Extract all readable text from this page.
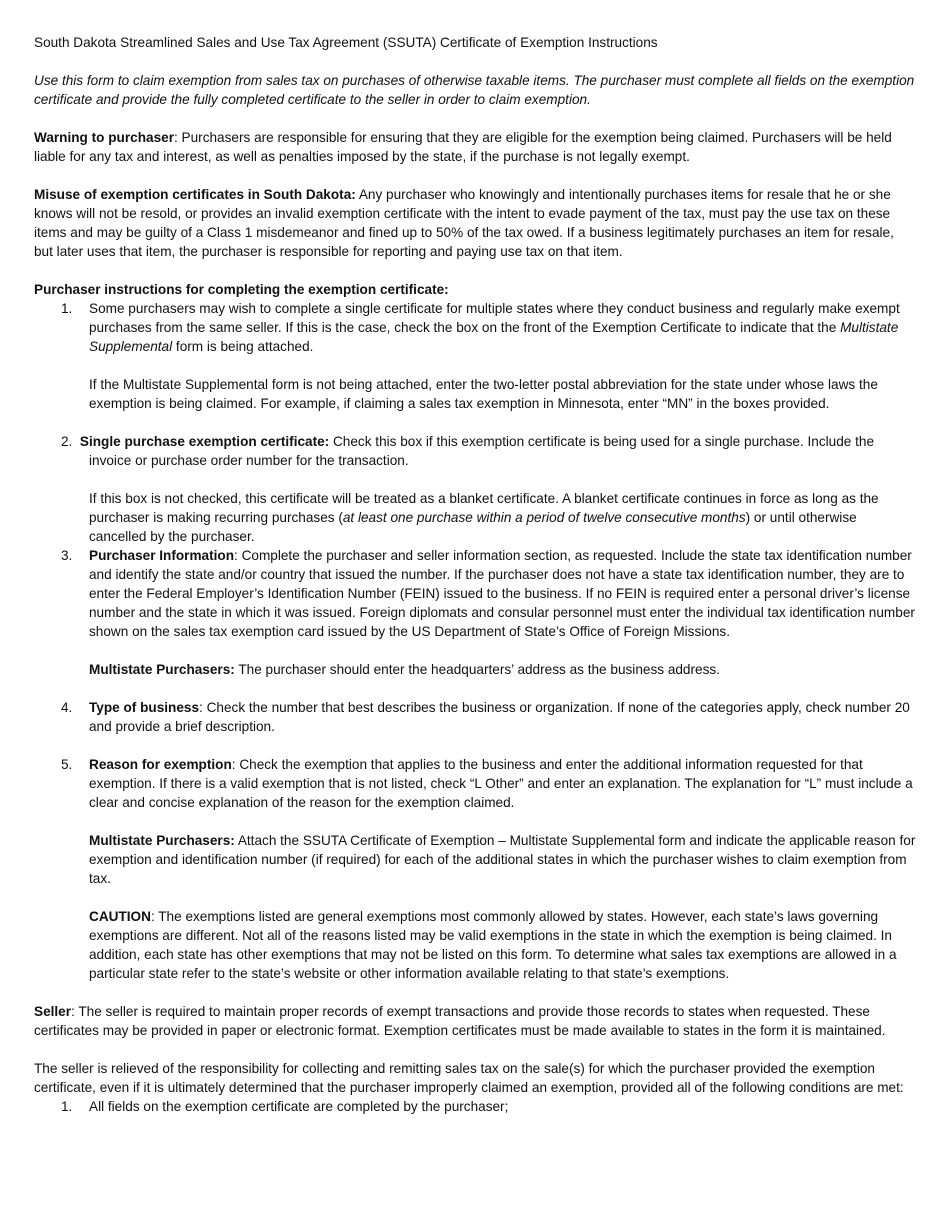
South Dakota Streamlined Sales and Use Tax Agreement (SSUTA) Certificate of Exemption Instructions

Use this form to claim exemption from sales tax on purchases of otherwise taxable items. The purchaser must complete all fields on the exemption certificate and provide the fully completed certificate to the seller in order to claim exemption.

Warning to purchaser: Purchasers are responsible for ensuring that they are eligible for the exemption being claimed. Purchasers will be held liable for any tax and interest, as well as penalties imposed by the state, if the purchase is not legally exempt.

Misuse of exemption certificates in South Dakota: Any purchaser who knowingly and intentionally purchases items for resale that he or she knows will not be resold, or provides an invalid exemption certificate with the intent to evade payment of the tax, must pay the use tax on these items and may be guilty of a Class 1 misdemeanor and fined up to 50% of the tax owed. If a business legitimately purchases an item for resale, but later uses that item, the purchaser is responsible for reporting and paying use tax on that item.

Purchaser instructions for completing the exemption certificate:

1. Some purchasers may wish to complete a single certificate for multiple states where they conduct business and regularly make exempt purchases from the same seller. If this is the case, check the box on the front of the Exemption Certificate to indicate that the Multistate Supplemental form is being attached.

If the Multistate Supplemental form is not being attached, enter the two-letter postal abbreviation for the state under whose laws the exemption is being claimed. For example, if claiming a sales tax exemption in Minnesota, enter “MN” in the boxes provided.

2. Single purchase exemption certificate: Check this box if this exemption certificate is being used for a single purchase. Include the

invoice or purchase order number for the transaction.

If this box is not checked, this certificate will be treated as a blanket certificate. A blanket certificate continues in force as long as the purchaser is making recurring purchases (at least one purchase within a period of twelve consecutive months) or until otherwise cancelled by the purchaser.

3. Purchaser Information: Complete the purchaser and seller information section, as requested. Include the state tax identification number and identify the state and/or country that issued the number. If the purchaser does not have a state tax identification number, they are to enter the Federal Employer’s Identification Number (FEIN) issued to the business. If no FEIN is required enter a personal driver’s license number and the state in which it was issued. Foreign diplomats and consular personnel must enter the individual tax identification number shown on the sales tax exemption card issued by the US Department of State’s Office of Foreign Missions.

Multistate Purchasers: The purchaser should enter the headquarters’ address as the business address.

4. Type of business: Check the number that best describes the business or organization. If none of the categories apply, check number 20 and provide a brief description.

5. Reason for exemption: Check the exemption that applies to the business and enter the additional information requested for that exemption. If there is a valid exemption that is not listed, check “L Other” and enter an explanation. The explanation for “L” must include a clear and concise explanation of the reason for the exemption claimed.

Multistate Purchasers: Attach the SSUTA Certificate of Exemption – Multistate Supplemental form and indicate the applicable reason for exemption and identification number (if required) for each of the additional states in which the purchaser wishes to claim exemption from tax.

CAUTION: The exemptions listed are general exemptions most commonly allowed by states. However, each state’s laws governing exemptions are different. Not all of the reasons listed may be valid exemptions in the state in which the exemption is being claimed. In addition, each state has other exemptions that may not be listed on this form. To determine what sales tax exemptions are allowed in a particular state refer to the state’s website or other information available relating to that state’s exemptions.

Seller: The seller is required to maintain proper records of exempt transactions and provide those records to states when requested. These certificates may be provided in paper or electronic format. Exemption certificates must be made available to states in the form it is maintained.

The seller is relieved of the responsibility for collecting and remitting sales tax on the sale(s) for which the purchaser provided the exemption certificate, even if it is ultimately determined that the purchaser improperly claimed an exemption, provided all of the following conditions are met:

1. All fields on the exemption certificate are completed by the purchaser;
